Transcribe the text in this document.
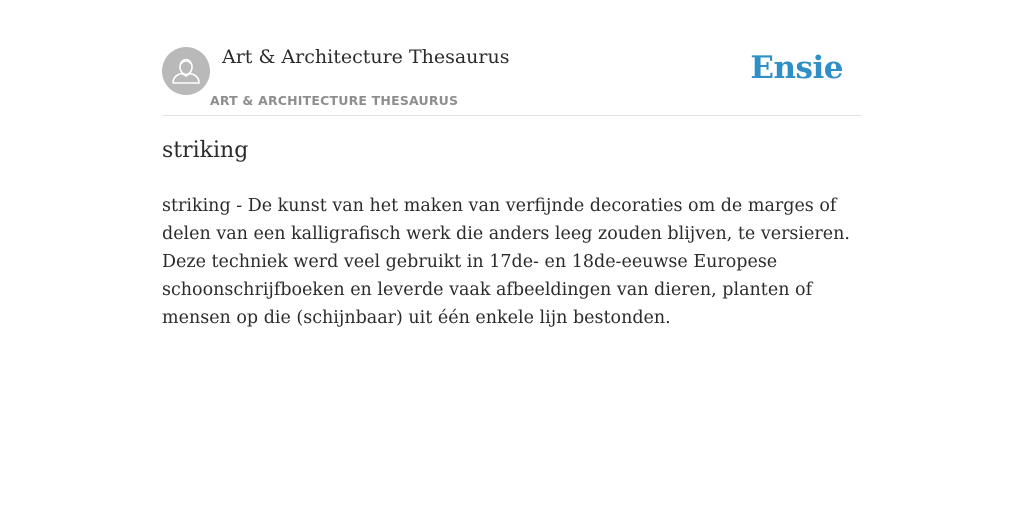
Art & Architecture Thesaurus
ART & ARCHITECTURE THESAURUS
Ensie
striking

striking - De kunst van het maken van verfijnde decoraties om de marges of delen van een kalligrafisch werk die anders leeg zouden blijven, te versieren. Deze techniek werd veel gebruikt in 17de- en 18de-eeuwse Europese schoonschrijfboeken en leverde vaak afbeeldingen van dieren, planten of mensen op die (schijnbaar) uit één enkele lijn bestonden.
